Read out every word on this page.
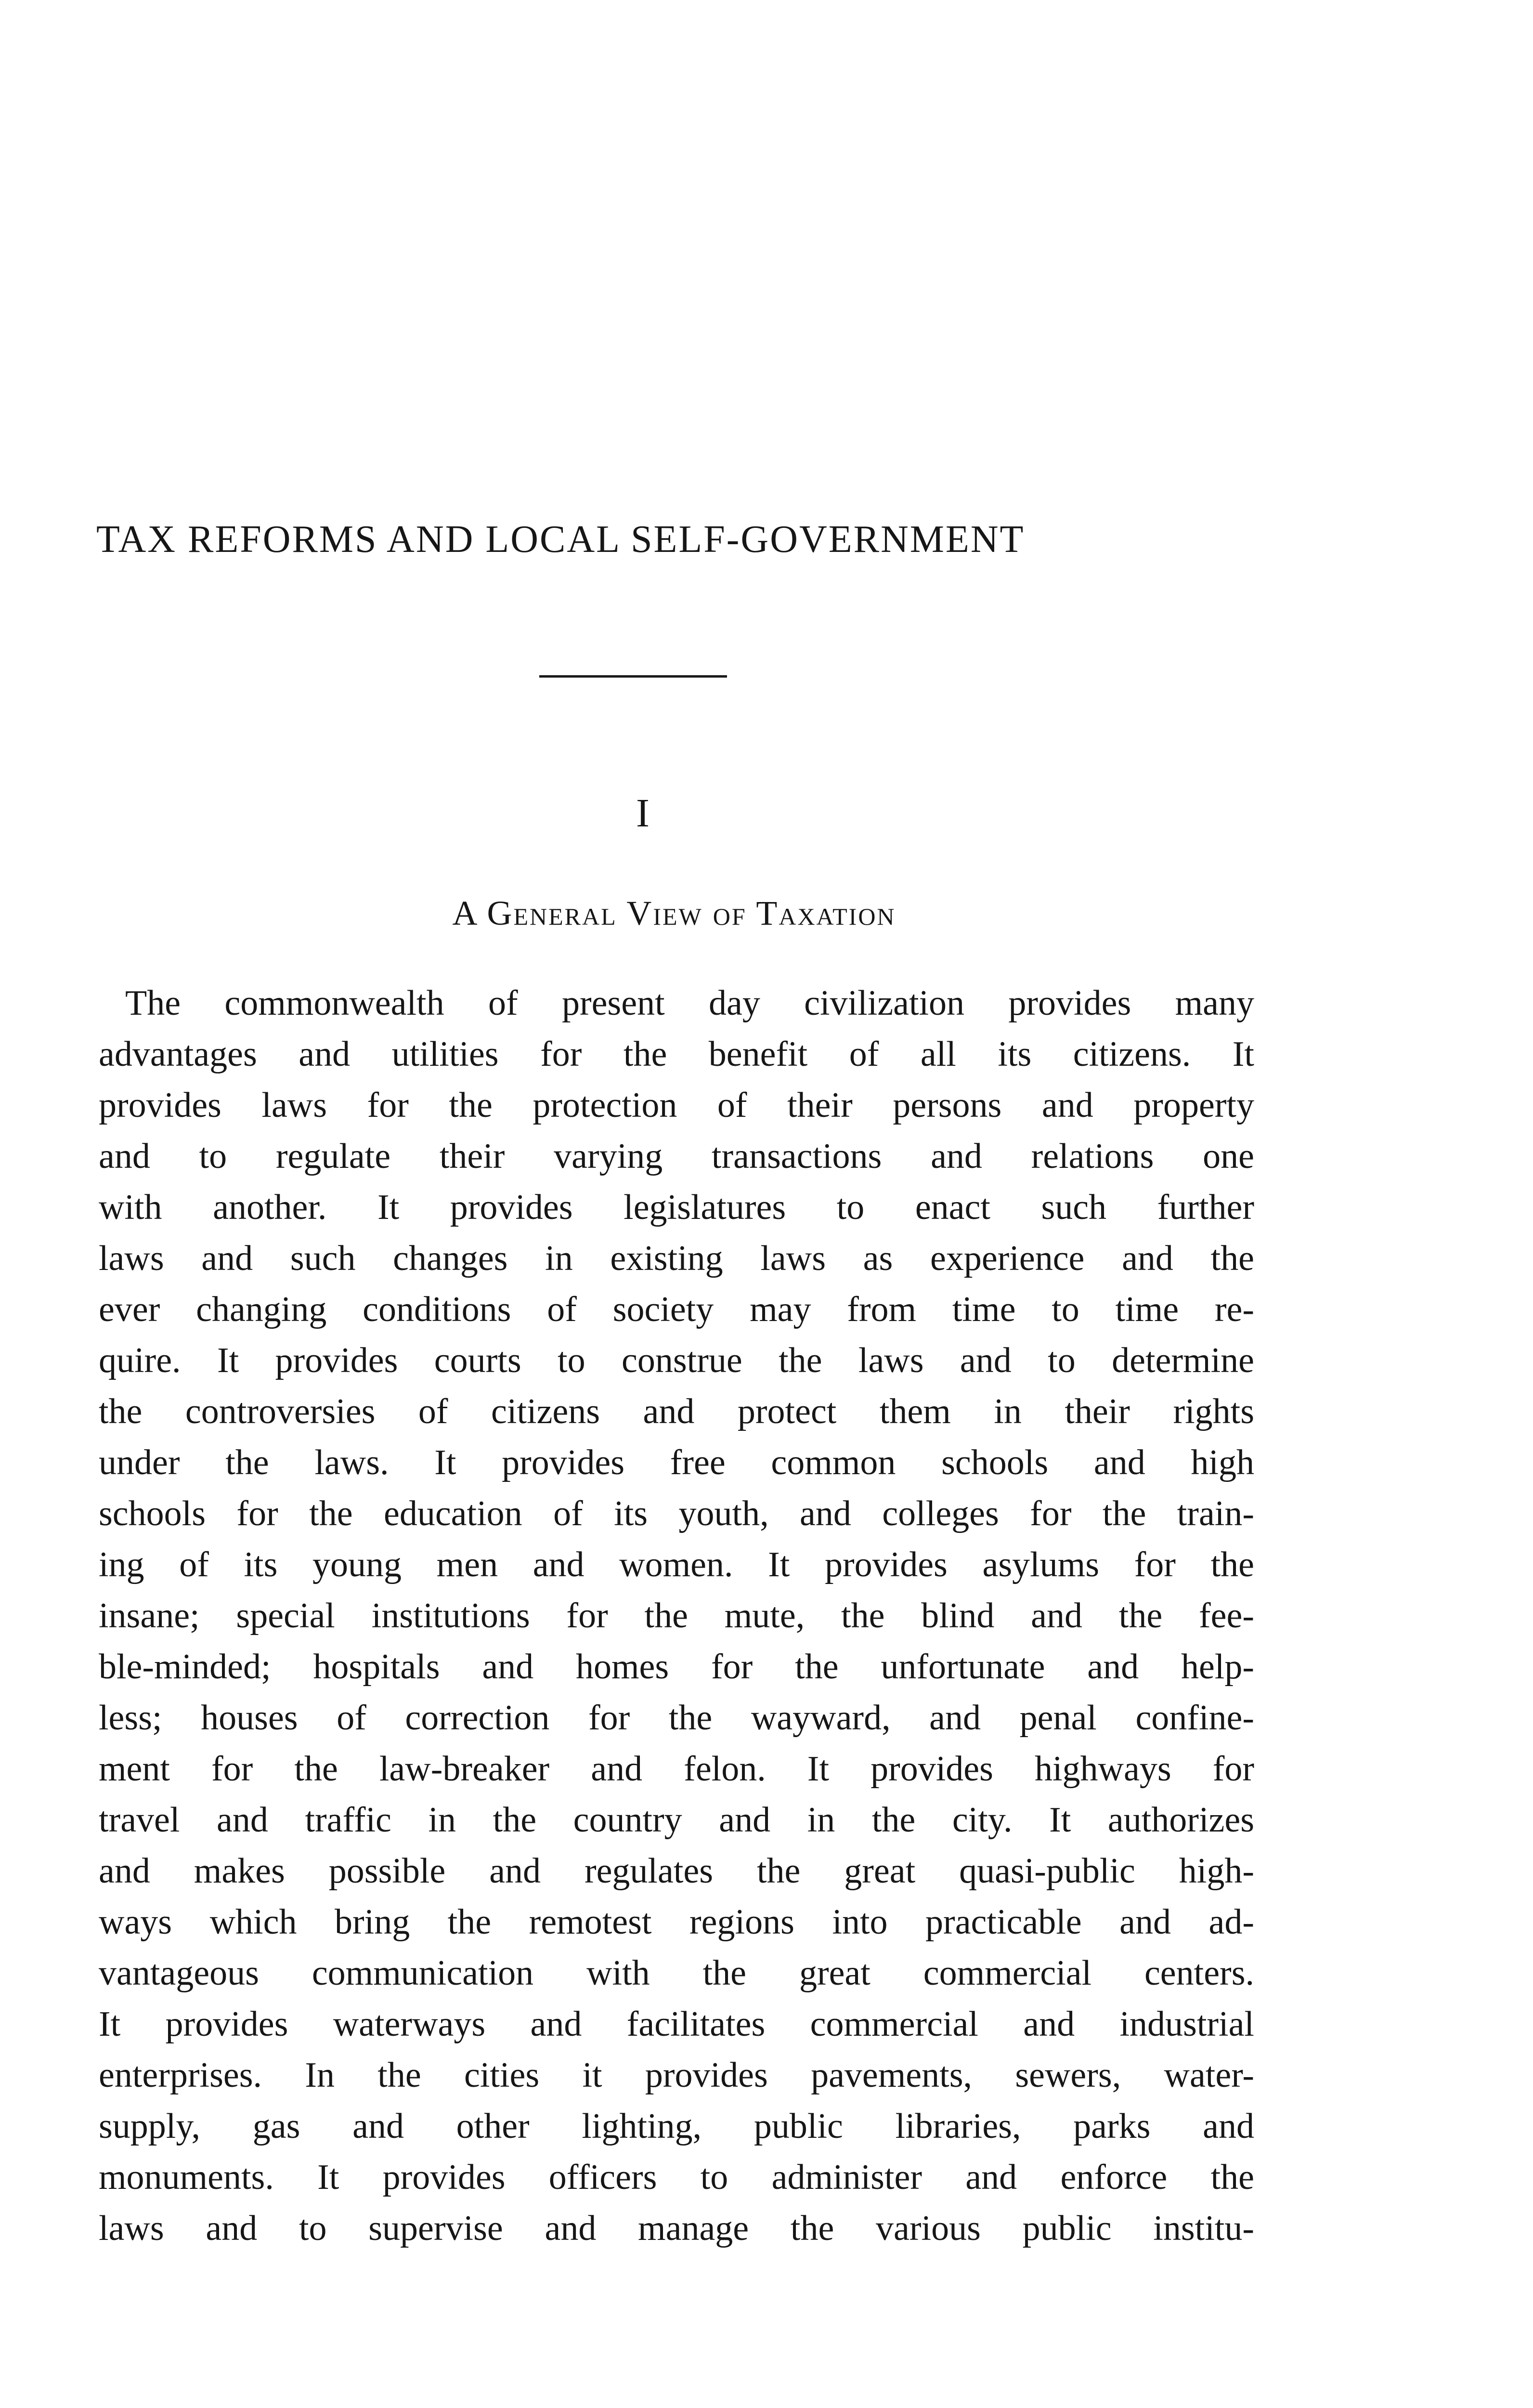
TAX REFORMS AND LOCAL SELF-GOVERNMENT
I
A General View of Taxation
The commonwealth of present day civilization provides many
advantages and utilities for the benefit of all its citizens. It
provides laws for the protection of their persons and property
and to regulate their varying transactions and relations one
with another. It provides legislatures to enact such further
laws and such changes in existing laws as experience and the
ever changing conditions of society may from time to time re-
quire. It provides courts to construe the laws and to determine
the controversies of citizens and protect them in their rights
under the laws. It provides free common schools and high
schools for the education of its youth, and colleges for the train-
ing of its young men and women. It provides asylums for the
insane; special institutions for the mute, the blind and the fee-
ble-minded; hospitals and homes for the unfortunate and help-
less; houses of correction for the wayward, and penal confine-
ment for the law-breaker and felon. It provides highways for
travel and traffic in the country and in the city. It authorizes
and makes possible and regulates the great quasi-public high-
ways which bring the remotest regions into practicable and ad-
vantageous communication with the great commercial centers.
It provides waterways and facilitates commercial and industrial
enterprises. In the cities it provides pavements, sewers, water-
supply, gas and other lighting, public libraries, parks and
monuments. It provides officers to administer and enforce the
laws and to supervise and manage the various public institu-
